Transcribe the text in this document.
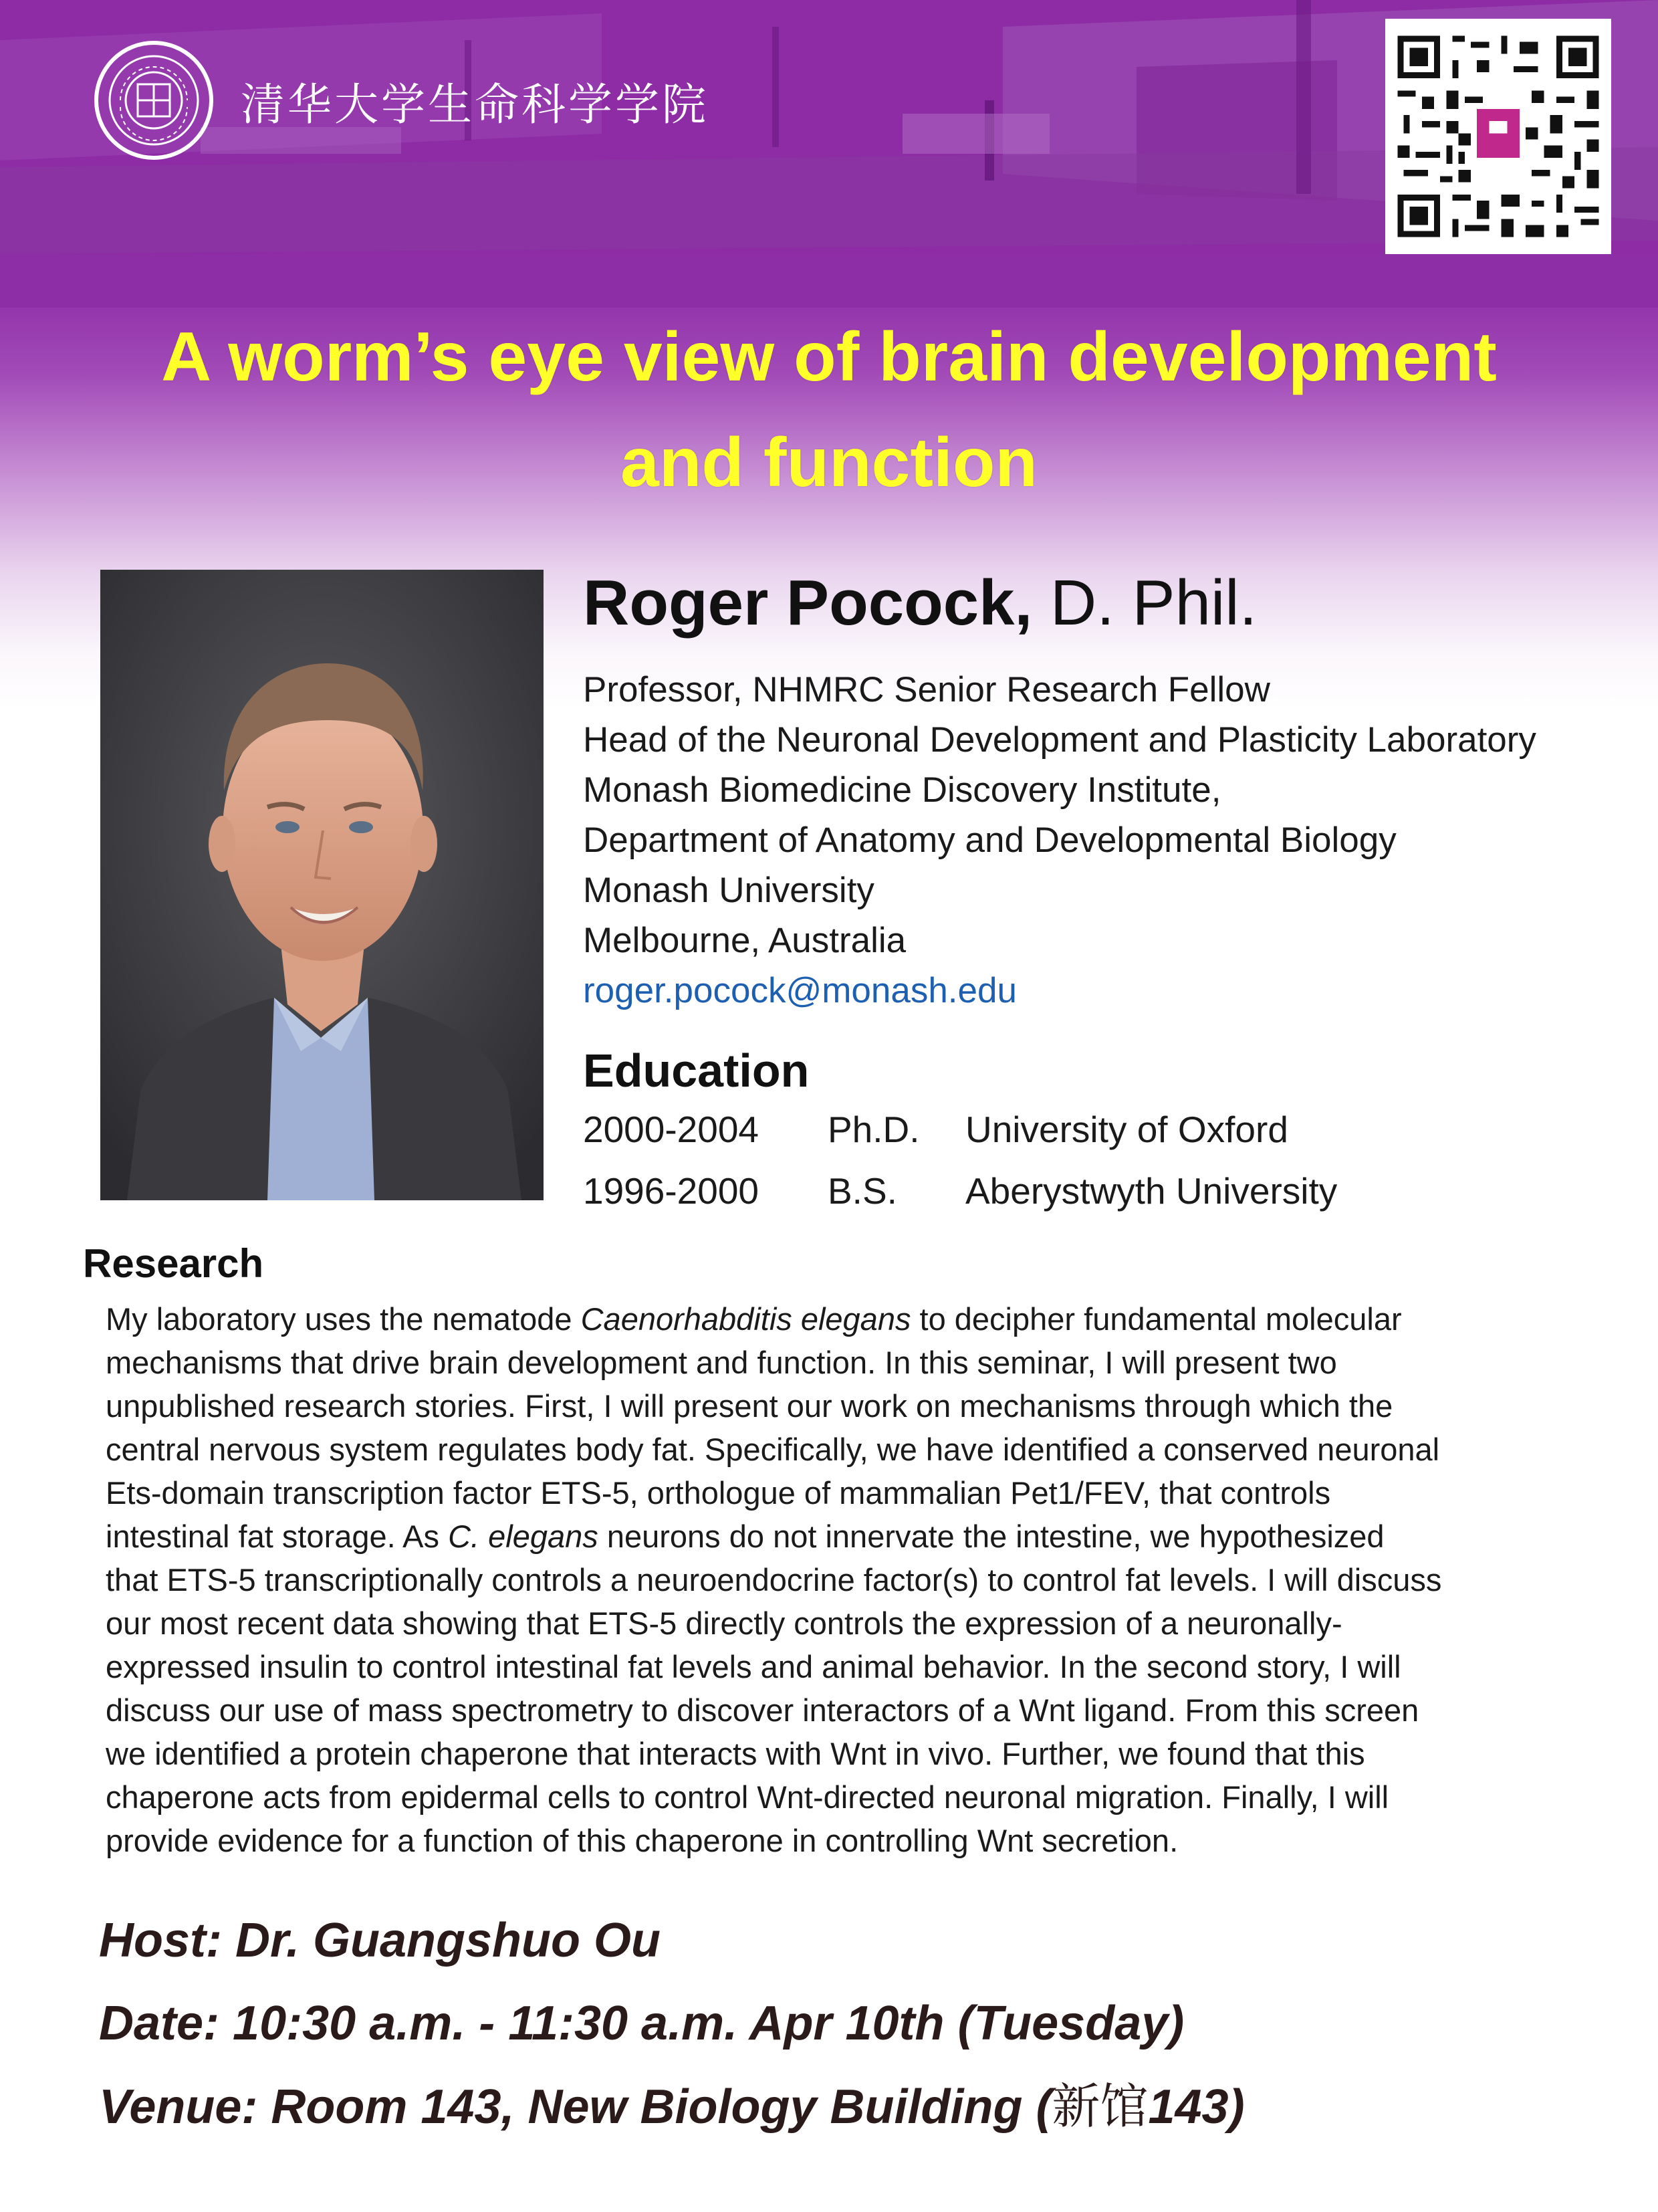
清华大学生命科学学院
A worm’s eye view of brain development
and function
Roger Pocock, D. Phil.
Professor, NHMRC Senior Research Fellow
Head of the Neuronal Development and Plasticity Laboratory
Monash Biomedicine Discovery Institute,
Department of Anatomy and Developmental Biology
Monash University
Melbourne, Australia
roger.pocock@monash.edu
Education
2000-2004	Ph.D.	University of Oxford
1996-2000	B.S.	Aberystwyth University
Research
My laboratory uses the nematode Caenorhabditis elegans to decipher fundamental molecular
mechanisms that drive brain development and function. In this seminar, I will present two
unpublished research stories. First, I will present our work on mechanisms through which the
central nervous system regulates body fat. Specifically, we have identified a conserved neuronal
Ets-domain transcription factor ETS-5, orthologue of mammalian Pet1/FEV, that controls
intestinal fat storage. As C. elegans neurons do not innervate the intestine, we hypothesized
that ETS-5 transcriptionally controls a neuroendocrine factor(s) to control fat levels. I will discuss
our most recent data showing that ETS-5 directly controls the expression of a neuronally-
expressed insulin to control intestinal fat levels and animal behavior. In the second story, I will
discuss our use of mass spectrometry to discover interactors of a Wnt ligand. From this screen
we identified a protein chaperone that interacts with Wnt in vivo. Further, we found that this
chaperone acts from epidermal cells to control Wnt-directed neuronal migration. Finally, I will
provide evidence for a function of this chaperone in controlling Wnt secretion.
Host: Dr. Guangshuo Ou
Date: 10:30 a.m. - 11:30 a.m. Apr 10th (Tuesday)
Venue: Room 143, New Biology Building (新馆143)
